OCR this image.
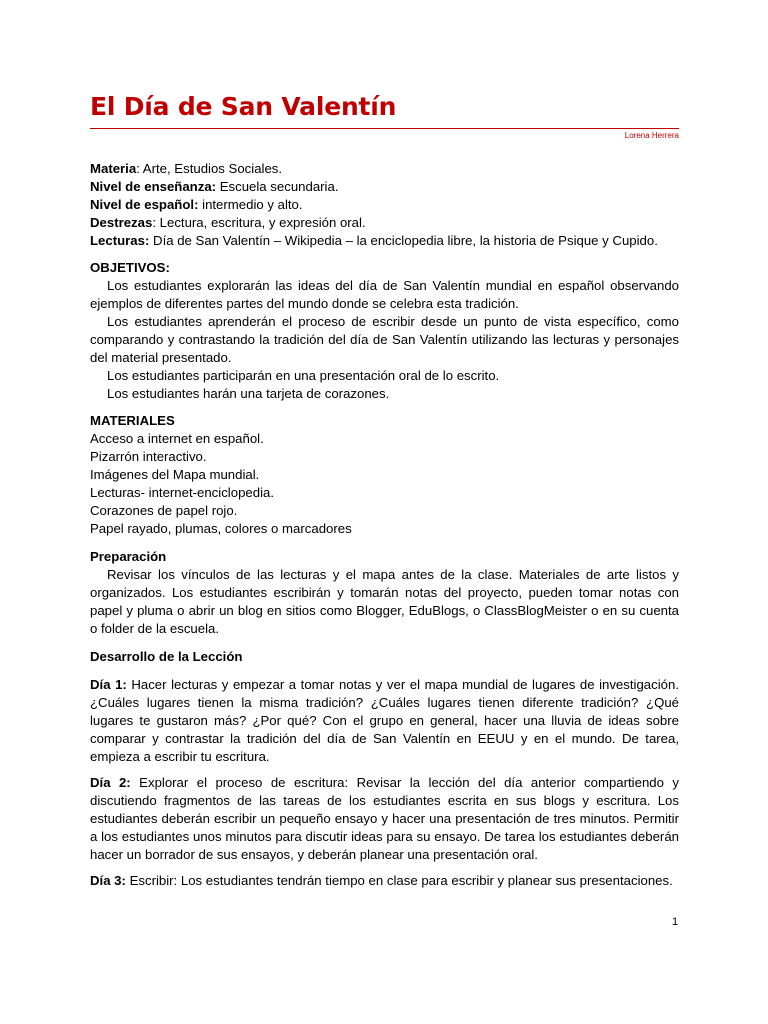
El Día de San Valentín
Lorena Herrera

Materia: Arte, Estudios Sociales.

Nivel de enseñanza: Escuela secundaria.

Nivel de español: intermedio y alto.

Destrezas: Lectura, escritura, y expresión oral.

Lecturas: Día de San Valentín – Wikipedia – la enciclopedia libre, la historia de Psique y Cupido.

OBJETIVOS:

Los estudiantes explorarán las ideas del día de San Valentín mundial en español observando ejemplos de diferentes partes del mundo donde se celebra esta tradición.

Los estudiantes aprenderán el proceso de escribir desde un punto de vista específico, como comparando y contrastando la tradición del día de San Valentín utilizando las lecturas y personajes del material presentado.

Los estudiantes participarán en una presentación oral de lo escrito.

Los estudiantes harán una tarjeta de corazones.

MATERIALES

Acceso a internet en español.

Pizarrón interactivo.

Imágenes del Mapa mundial.

Lecturas- internet-enciclopedia.

Corazones de papel rojo.

Papel rayado, plumas, colores o marcadores

Preparación

Revisar los vínculos de las lecturas y el mapa antes de la clase. Materiales de arte listos y organizados. Los estudiantes escribirán y tomarán notas del proyecto, pueden tomar notas con papel y pluma o abrir un blog en sitios como Blogger, EduBlogs, o ClassBlogMeister o en su cuenta o folder de la escuela.

Desarrollo de la Lección

Día 1: Hacer lecturas y empezar a tomar notas y ver el mapa mundial de lugares de investigación. ¿Cuáles lugares tienen la misma tradición? ¿Cuáles lugares tienen diferente tradición? ¿Qué lugares te gustaron más? ¿Por qué? Con el grupo en general, hacer una lluvia de ideas sobre comparar y contrastar la tradición del día de San Valentín en EEUU y en el mundo. De tarea, empieza a escribir tu escritura.

Día 2: Explorar el proceso de escritura: Revisar la lección del día anterior compartiendo y discutiendo fragmentos de las tareas de los estudiantes escrita en sus blogs y escritura. Los estudiantes deberán escribir un pequeño ensayo y hacer una presentación de tres minutos. Permitir a los estudiantes unos minutos para discutir ideas para su ensayo. De tarea los estudiantes deberán hacer un borrador de sus ensayos, y deberán planear una presentación oral.

Día 3: Escribir: Los estudiantes tendrán tiempo en clase para escribir y planear sus presentaciones.

1
